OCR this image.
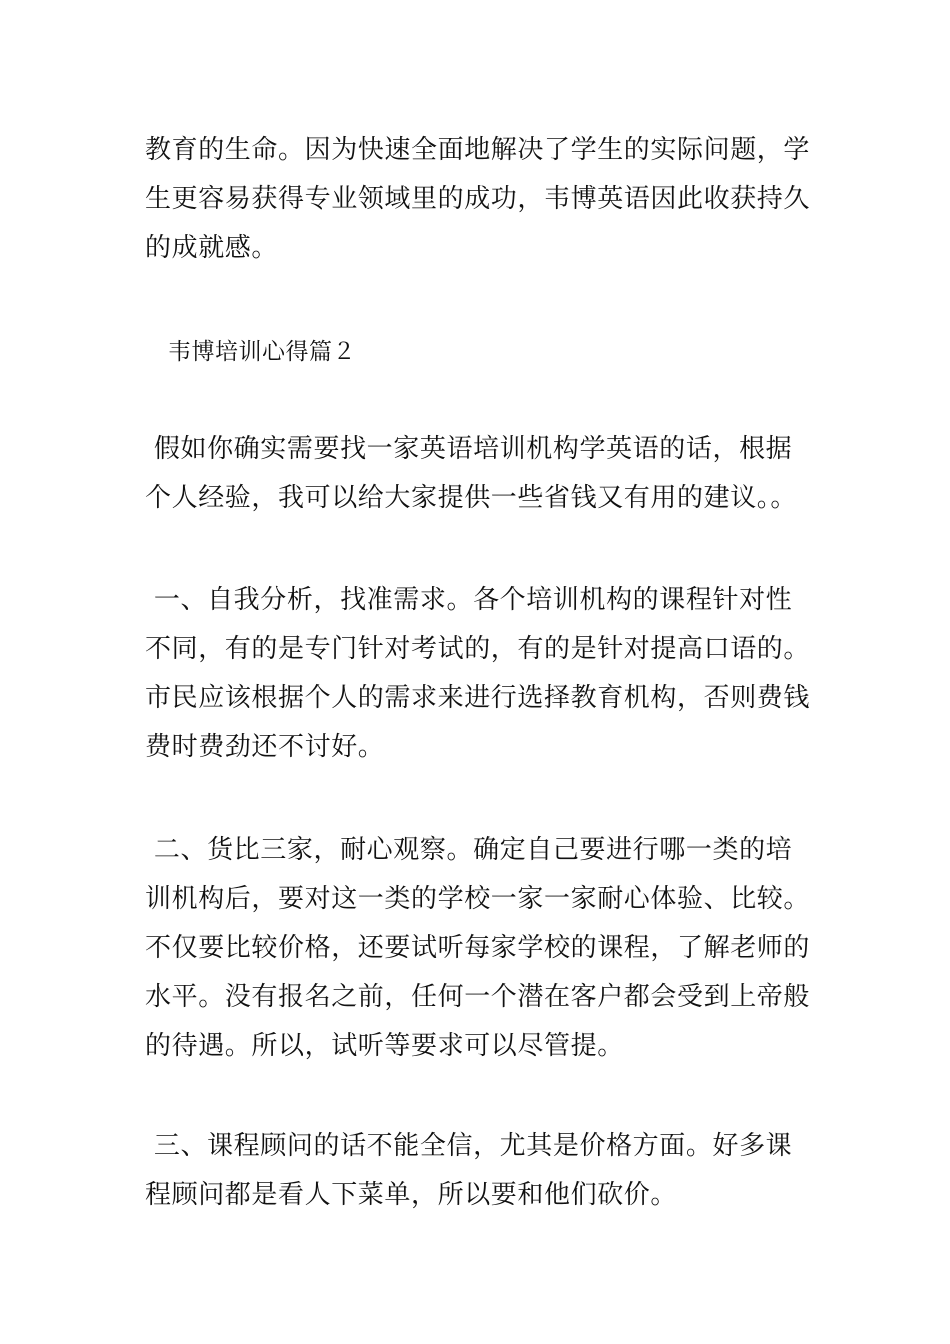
教育的生命。因为快速全面地解决了学生的实际问题，学生更容易获得专业领域里的成功，韦博英语因此收获持久的成就感。

韦博培训心得篇２

假如你确实需要找一家英语培训机构学英语的话，根据个人经验，我可以给大家提供一些省钱又有用的建议。。

一、自我分析，找准需求。各个培训机构的课程针对性不同，有的是专门针对考试的，有的是针对提高口语的。市民应该根据个人的需求来进行选择教育机构，否则费钱费时费劲还不讨好。

二、货比三家，耐心观察。确定自己要进行哪一类的培训机构后，要对这一类的学校一家一家耐心体验、比较。不仅要比较价格，还要试听每家学校的课程，了解老师的水平。没有报名之前，任何一个潜在客户都会受到上帝般的待遇。所以，试听等要求可以尽管提。

三、课程顾问的话不能全信，尤其是价格方面。好多课程顾问都是看人下菜单，所以要和他们砍价。
